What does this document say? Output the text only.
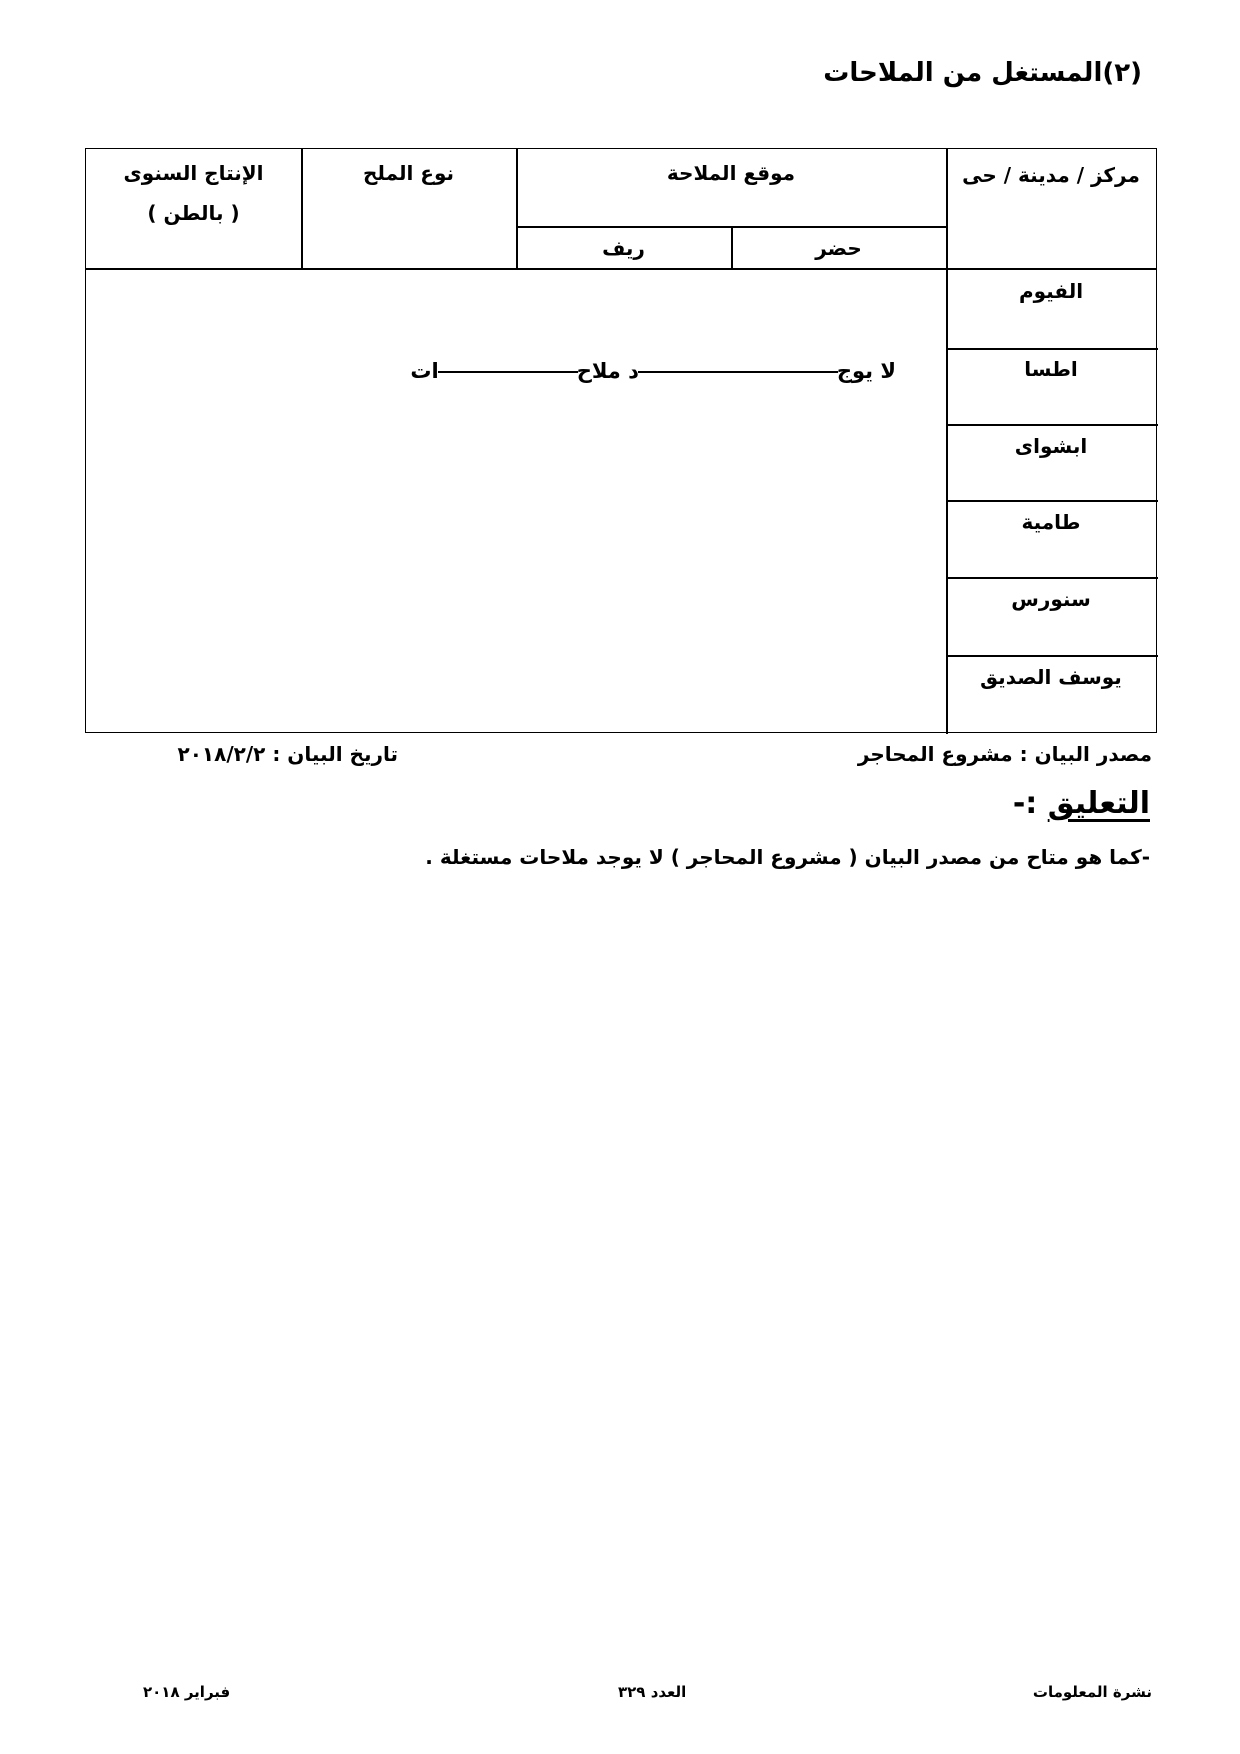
(٢)المستغل من الملاحات
مركز / مدينة / حى
موقع الملاحة
حضر
ريف
نوع الملح
الإنتاج السنوى
( بالطن )
الفيوم
اطسا
ابشواى
طامية
سنورس
يوسف الصديق
لا يوجد ملاحات
مصدر البيان : مشروع المحاجر
تاريخ البيان : ٢٠١٨/٢/٢
التعليق :-
-كما هو متاح من مصدر البيان ( مشروع المحاجر ) لا يوجد ملاحات مستغلة .
نشرة المعلومات
العدد ٣٢٩
فبراير ٢٠١٨
